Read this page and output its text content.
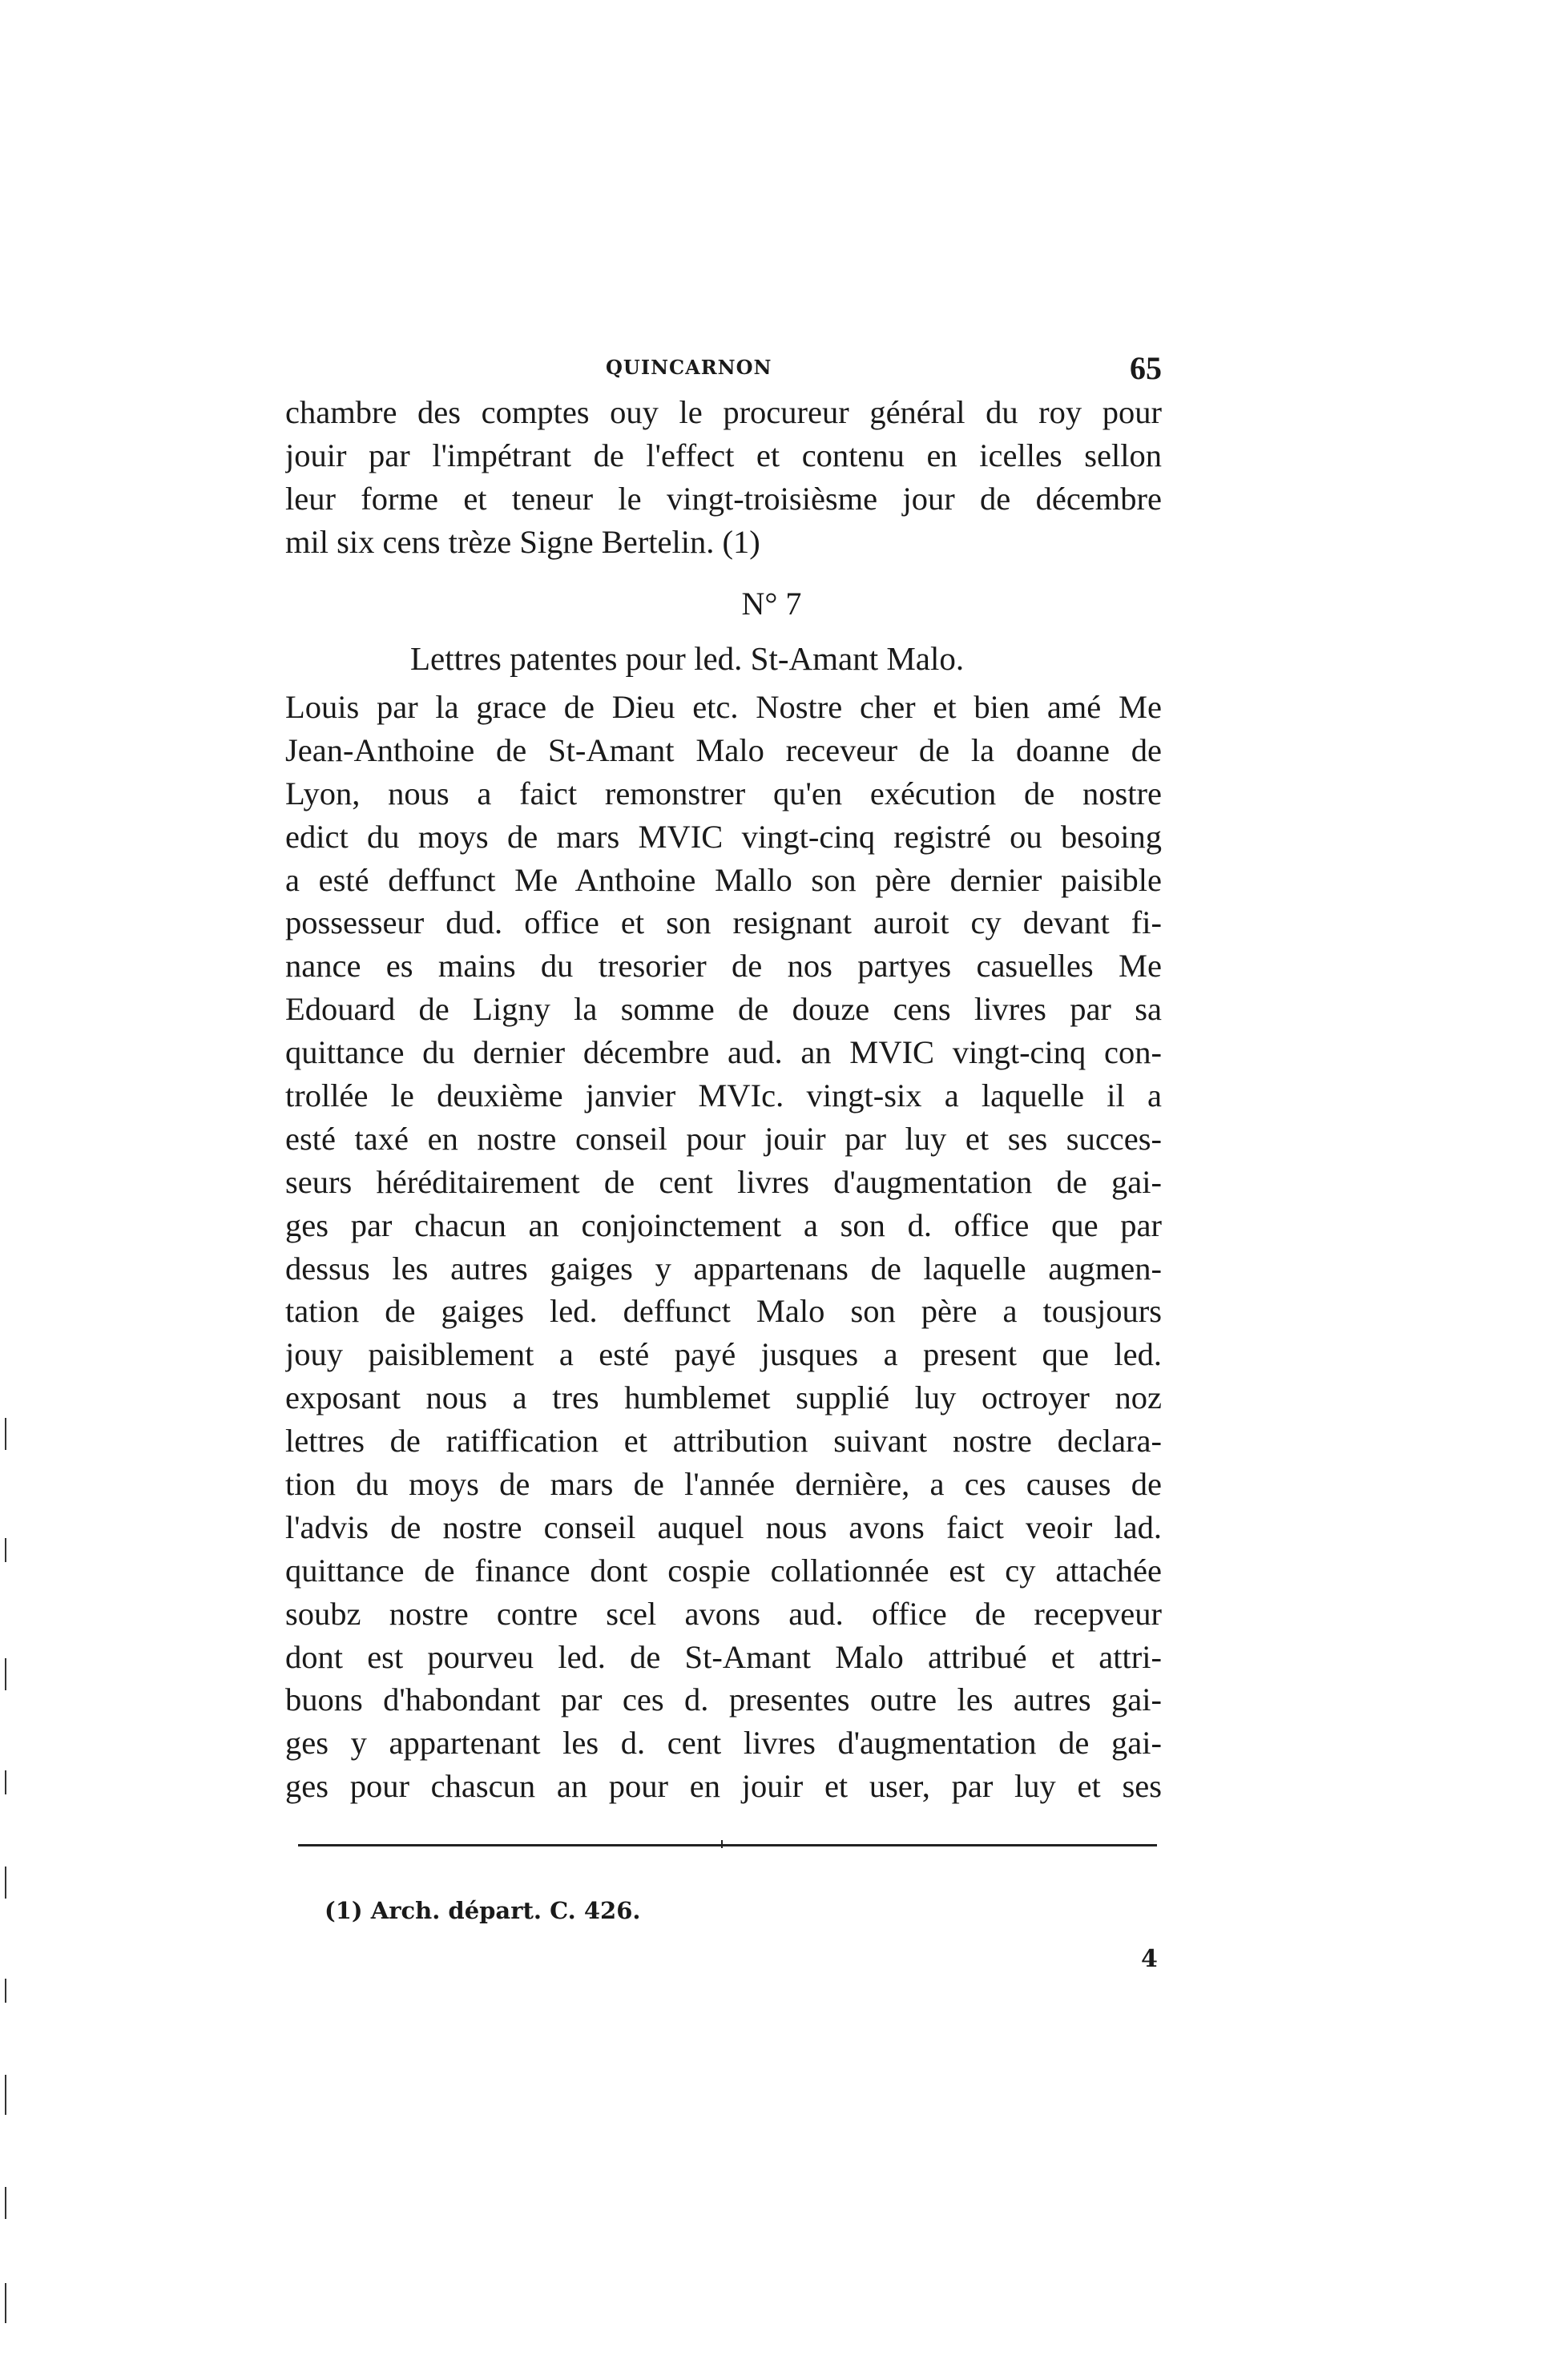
QUINCARNON	65
chambre des comptes ouy le procureur général du roy pour
jouir par l'impétrant de l'effect et contenu en icelles sellon
leur forme et teneur le vingt-troisièsme jour de décembre
mil six cens trèze Signe Bertelin. (1)
N° 7
Lettres patentes pour led. St-Amant Malo.
Louis par la grace de Dieu etc. Nostre cher et bien amé Me
Jean-Anthoine de St-Amant Malo receveur de la doanne de
Lyon, nous a faict remonstrer qu'en exécution de nostre
edict du moys de mars MVIC vingt-cinq registré ou besoing
a esté deffunct Me Anthoine Mallo son père dernier paisible
possesseur dud. office et son resignant auroit cy devant fi-
nance es mains du tresorier de nos partyes casuelles Me
Edouard de Ligny la somme de douze cens livres par sa
quittance du dernier décembre aud. an MVIC vingt-cinq con-
trollée le deuxième janvier MVIc. vingt-six a laquelle il a
esté taxé en nostre conseil pour jouir par luy et ses succes-
seurs héréditairement de cent livres d'augmentation de gai-
ges par chacun an conjoinctement a son d. office que par
dessus les autres gaiges y appartenans de laquelle augmen-
tation de gaiges led. deffunct Malo son père a tousjours
jouy paisiblement a esté payé jusques a present que led.
exposant nous a tres humblemet supplié luy octroyer noz
lettres de ratiffication et attribution suivant nostre declara-
tion du moys de mars de l'année dernière, a ces causes de
l'advis de nostre conseil auquel nous avons faict veoir lad.
quittance de finance dont cospie collationnée est cy attachée
soubz nostre contre scel avons aud. office de recepveur
dont est pourveu led. de St-Amant Malo attribué et attri-
buons d'habondant par ces d. presentes outre les autres gai-
ges y appartenant les d. cent livres d'augmentation de gai-
ges pour chascun an pour en jouir et user, par luy et ses
(1) Arch. départ. C. 426.
4
